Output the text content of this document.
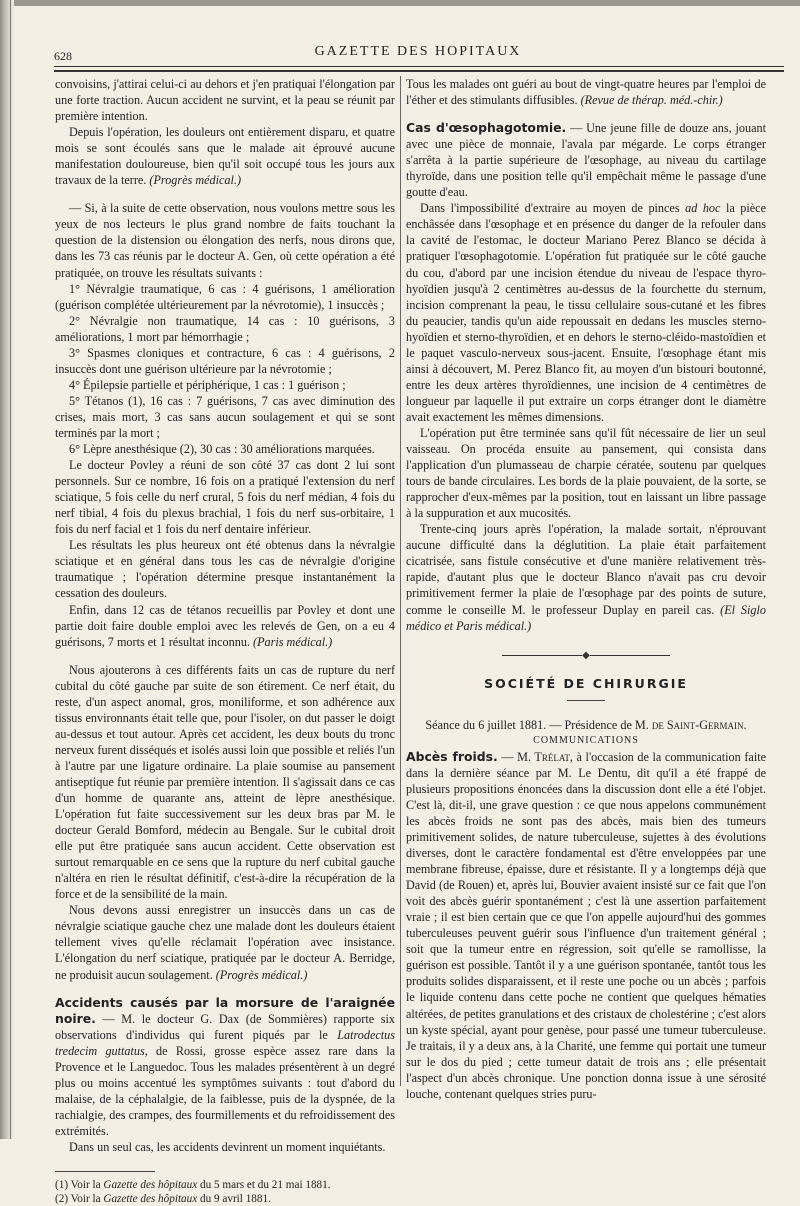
628	GAZETTE DES HOPITAUX

convoisins, j'attirai celui-ci au dehors et j'en pratiquai l'élongation par une forte traction. Aucun accident ne survint, et la peau se réunit par première intention.

Depuis l'opération, les douleurs ont entièrement disparu, et quatre mois se sont écoulés sans que le malade ait éprouvé aucune manifestation douloureuse, bien qu'il soit occupé tous les jours aux travaux de la terre. (Progrès médical.)

— Si, à la suite de cette observation, nous voulons mettre sous les yeux de nos lecteurs le plus grand nombre de faits touchant la question de la distension ou élongation des nerfs, nous dirons que, dans les 73 cas réunis par le docteur A. Gen, où cette opération a été pratiquée, on trouve les résultats suivants :

1° Névralgie traumatique, 6 cas : 4 guérisons, 1 amélioration (guérison complétée ultérieurement par la névrotomie), 1 insuccès ;

2° Névralgie non traumatique, 14 cas : 10 guérisons, 3 améliorations, 1 mort par hémorrhagie ;

3° Spasmes cloniques et contracture, 6 cas : 4 guérisons, 2 insuccès dont une guérison ultérieure par la névrotomie ;

4° Épilepsie partielle et périphérique, 1 cas : 1 guérison ;

5° Tétanos (1), 16 cas : 7 guérisons, 7 cas avec diminution des crises, mais mort, 3 cas sans aucun soulagement et qui se sont terminés par la mort ;

6° Lèpre anesthésique (2), 30 cas : 30 améliorations marquées.

Le docteur Povley a réuni de son côté 37 cas dont 2 lui sont personnels. Sur ce nombre, 16 fois on a pratiqué l'extension du nerf sciatique, 5 fois celle du nerf crural, 5 fois du nerf médian, 4 fois du nerf tibial, 4 fois du plexus brachial, 1 fois du nerf sus-orbitaire, 1 fois du nerf facial et 1 fois du nerf dentaire inférieur.

Les résultats les plus heureux ont été obtenus dans la névralgie sciatique et en général dans tous les cas de névralgie d'origine traumatique ; l'opération détermine presque instantanément la cessation des douleurs.

Enfin, dans 12 cas de tétanos recueillis par Povley et dont une partie doit faire double emploi avec les relevés de Gen, on a eu 4 guérisons, 7 morts et 1 résultat inconnu. (Paris médical.)

Nous ajouterons à ces différents faits un cas de rupture du nerf cubital du côté gauche par suite de son étirement. Ce nerf était, du reste, d'un aspect anomal, gros, moniliforme, et son adhérence aux tissus environnants était telle que, pour l'isoler, on dut passer le doigt au-dessus et tout autour. Après cet accident, les deux bouts du tronc nerveux furent disséqués et isolés aussi loin que possible et reliés l'un à l'autre par une ligature ordinaire. La plaie soumise au pansement antiseptique fut réunie par première intention. Il s'agissait dans ce cas d'un homme de quarante ans, atteint de lèpre anesthésique. L'opération fut faite successivement sur les deux bras par M. le docteur Gerald Bomford, médecin au Bengale. Sur le cubital droit elle put être pratiquée sans aucun accident. Cette observation est surtout remarquable en ce sens que la rupture du nerf cubital gauche n'altéra en rien le résultat définitif, c'est-à-dire la récupération de la force et de la sensibilité de la main.

Nous devons aussi enregistrer un insuccès dans un cas de névralgie sciatique gauche chez une malade dont les douleurs étaient tellement vives qu'elle réclamait l'opération avec insistance. L'élongation du nerf sciatique, pratiquée par le docteur A. Berridge, ne produisit aucun soulagement. (Progrès médical.)

Accidents causés par la morsure de l'araignée noire. — M. le docteur G. Dax (de Sommières) rapporte six observations d'individus qui furent piqués par le Latrodectus tredecim guttatus, de Rossi, grosse espèce assez rare dans la Provence et le Languedoc. Tous les malades présentèrent à un degré plus ou moins accentué les symptômes suivants : tout d'abord du malaise, de la céphalalgie, de la faiblesse, puis de la dyspnée, de la rachialgie, des crampes, des fourmillements et du refroidissement des extrémités.

Dans un seul cas, les accidents devinrent un moment inquiétants.

(1) Voir la Gazette des hôpitaux du 5 mars et du 21 mai 1881.

(2) Voir la Gazette des hôpitaux du 9 avril 1881.

Tous les malades ont guéri au bout de vingt-quatre heures par l'emploi de l'éther et des stimulants diffusibles. (Revue de thérap. méd.-chir.)

Cas d'œsophagotomie. — Une jeune fille de douze ans, jouant avec une pièce de monnaie, l'avala par mégarde. Le corps étranger s'arrêta à la partie supérieure de l'œsophage, au niveau du cartilage thyroïde, dans une position telle qu'il empêchait même le passage d'une goutte d'eau.

Dans l'impossibilité d'extraire au moyen de pinces ad hoc la pièce enchâssée dans l'œsophage et en présence du danger de la refouler dans la cavité de l'estomac, le docteur Mariano Perez Blanco se décida à pratiquer l'œsophagotomie. L'opération fut pratiquée sur le côté gauche du cou, d'abord par une incision étendue du niveau de l'espace thyro-hyoïdien jusqu'à 2 centimètres au-dessus de la fourchette du sternum, incision comprenant la peau, le tissu cellulaire sous-cutané et les fibres du peaucier, tandis qu'un aide repoussait en dedans les muscles sterno-hyoïdien et sterno-thyroïdien, et en dehors le sterno-cléido-mastoïdien et le paquet vasculo-nerveux sous-jacent. Ensuite, l'œsophage étant mis ainsi à découvert, M. Perez Blanco fit, au moyen d'un bistouri boutonné, entre les deux artères thyroïdiennes, une incision de 4 centimètres de longueur par laquelle il put extraire un corps étranger dont le diamètre avait exactement les mêmes dimensions.

L'opération put être terminée sans qu'il fût nécessaire de lier un seul vaisseau. On procéda ensuite au pansement, qui consista dans l'application d'un plumasseau de charpie cératée, soutenu par quelques tours de bande circulaires. Les bords de la plaie pouvaient, de la sorte, se rapprocher d'eux-mêmes par la position, tout en laissant un libre passage à la suppuration et aux mucosités.

Trente-cinq jours après l'opération, la malade sortait, n'éprouvant aucune difficulté dans la déglutition. La plaie était parfaitement cicatrisée, sans fistule consécutive et d'une manière relativement très-rapide, d'autant plus que le docteur Blanco n'avait pas cru devoir primitivement fermer la plaie de l'œsophage par des points de suture, comme le conseille M. le professeur Duplay en pareil cas. (El Siglo médico et Paris médical.)

◆
SOCIÉTÉ DE CHIRURGIE

Séance du 6 juillet 1881. — Présidence de M. de Saint-Germain.

COMMUNICATIONS

Abcès froids. — M. Trélat, à l'occasion de la communication faite dans la dernière séance par M. Le Dentu, dit qu'il a été frappé de plusieurs propositions énoncées dans la discussion dont elle a été l'objet. C'est là, dit-il, une grave question : ce que nous appelons communément les abcès froids ne sont pas des abcès, mais bien des tumeurs primitivement solides, de nature tuberculeuse, sujettes à des évolutions diverses, dont le caractère fondamental est d'être enveloppées par une membrane fibreuse, épaisse, dure et résistante. Il y a longtemps déjà que David (de Rouen) et, après lui, Bouvier avaient insisté sur ce fait que l'on voit des abcès guérir spontanément ; c'est là une assertion parfaitement vraie ; il est bien certain que ce que l'on appelle aujourd'hui des gommes tuberculeuses peuvent guérir sous l'influence d'un traitement général ; soit que la tumeur entre en régression, soit qu'elle se ramollisse, la guérison est possible. Tantôt il y a une guérison spontanée, tantôt tous les produits solides disparaissent, et il reste une poche ou un abcès ; parfois le liquide contenu dans cette poche ne contient que quelques hématies altérées, de petites granulations et des cristaux de cholestérine ; c'est alors un kyste spécial, ayant pour genèse, pour passé une tumeur tuberculeuse. Je traitais, il y a deux ans, à la Charité, une femme qui portait une tumeur sur le dos du pied ; cette tumeur datait de trois ans ; elle présentait l'aspect d'un abcès chronique. Une ponction donna issue à une sérosité louche, contenant quelques stries puru-
